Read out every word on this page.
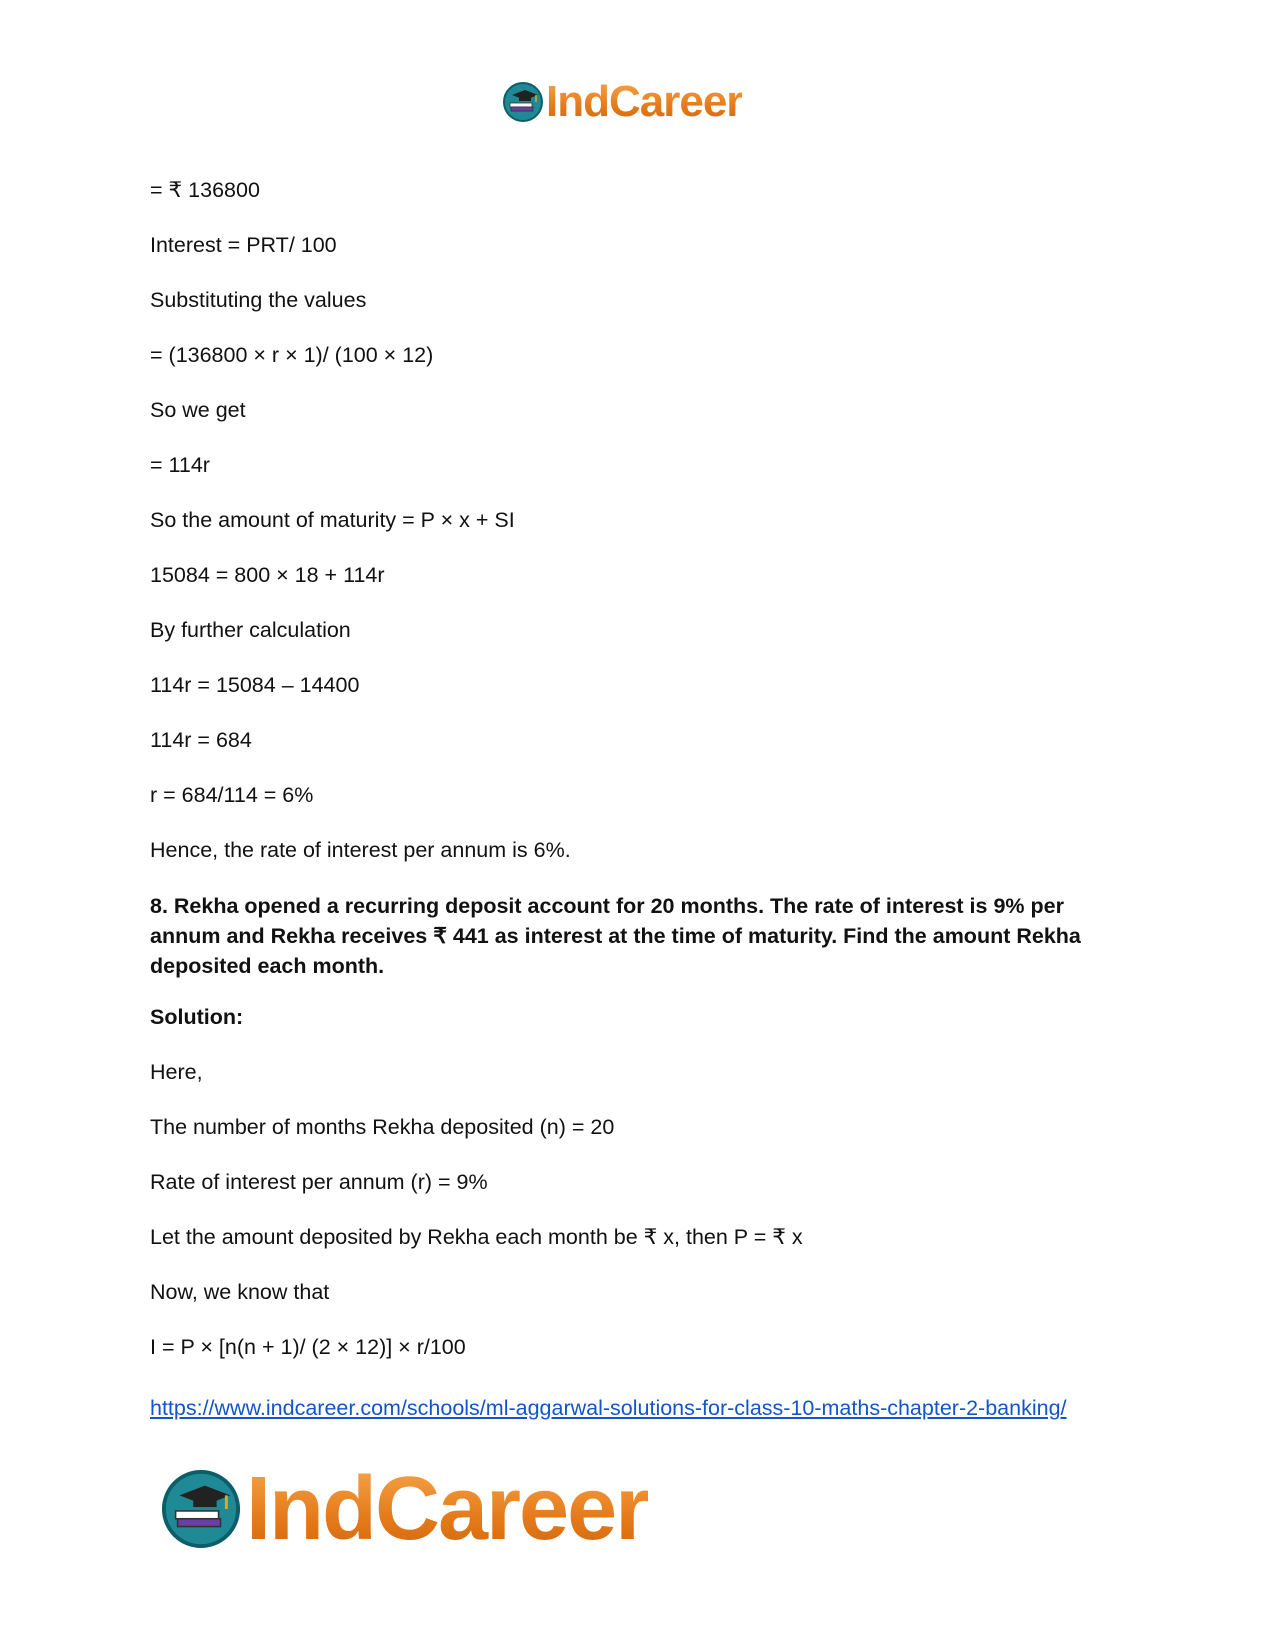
IndCareer

= ₹ 136800

Interest = PRT/ 100

Substituting the values

= (136800 × r × 1)/ (100 × 12)

So we get

= 114r

So the amount of maturity = P × x + SI

15084 = 800 × 18 + 114r

By further calculation

114r = 15084 – 14400

114r = 684

r = 684/114 = 6%

Hence, the rate of interest per annum is 6%.

8. Rekha opened a recurring deposit account for 20 months. The rate of interest is 9% per annum and Rekha receives ₹ 441 as interest at the time of maturity. Find the amount Rekha deposited each month.

Solution:

Here,

The number of months Rekha deposited (n) = 20

Rate of interest per annum (r) = 9%

Let the amount deposited by Rekha each month be ₹ x, then P = ₹ x

Now, we know that

I = P × [n(n + 1)/ (2 × 12)] × r/100

https://www.indcareer.com/schools/ml-aggarwal-solutions-for-class-10-maths-chapter-2-banking/
IndCareer
